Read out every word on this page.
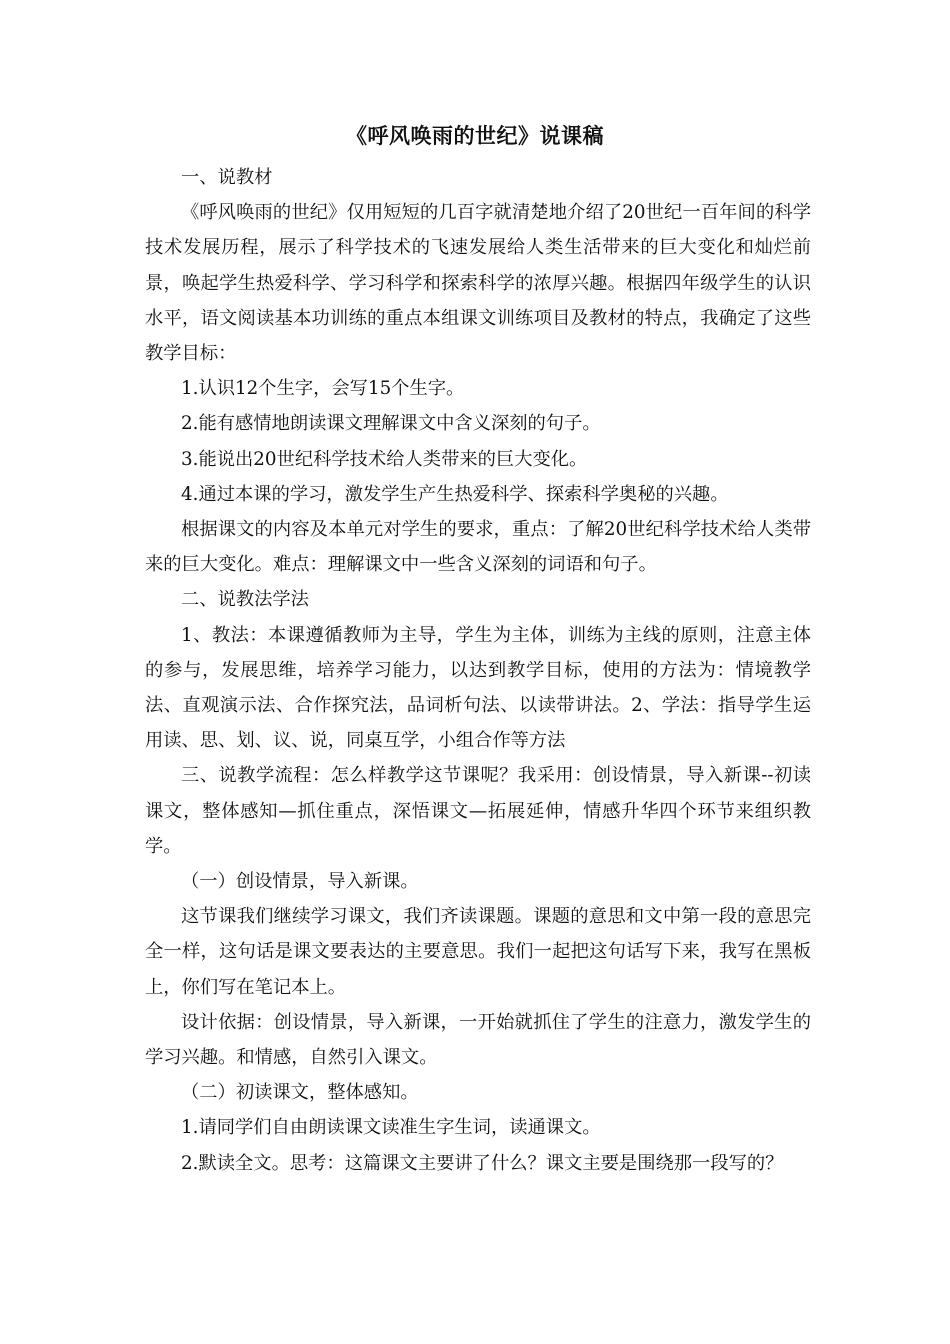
《呼风唤雨的世纪》说课稿

一、说教材

《呼风唤雨的世纪》仅用短短的几百字就清楚地介绍了20世纪一百年间的科学技术发展历程，展示了科学技术的飞速发展给人类生活带来的巨大变化和灿烂前景，唤起学生热爱科学、学习科学和探索科学的浓厚兴趣。根据四年级学生的认识水平，语文阅读基本功训练的重点本组课文训练项目及教材的特点，我确定了这些教学目标：

1.认识12个生字，会写15个生字。

2.能有感情地朗读课文理解课文中含义深刻的句子。

3.能说出20世纪科学技术给人类带来的巨大变化。

4.通过本课的学习，激发学生产生热爱科学、探索科学奥秘的兴趣。

根据课文的内容及本单元对学生的要求，重点：了解20世纪科学技术给人类带来的巨大变化。难点：理解课文中一些含义深刻的词语和句子。

二、说教法学法

1、教法：本课遵循教师为主导，学生为主体，训练为主线的原则，注意主体的参与，发展思维，培养学习能力，以达到教学目标，使用的方法为：情境教学法、直观演示法、合作探究法，品词析句法、以读带讲法。2、学法：指导学生运用读、思、划、议、说，同桌互学，小组合作等方法

三、说教学流程：怎么样教学这节课呢？我采用：创设情景，导入新课--初读课文，整体感知—抓住重点，深悟课文—拓展延伸，情感升华四个环节来组织教学。

（一）创设情景，导入新课。

这节课我们继续学习课文，我们齐读课题。课题的意思和文中第一段的意思完全一样，这句话是课文要表达的主要意思。我们一起把这句话写下来，我写在黑板上，你们写在笔记本上。

设计依据：创设情景，导入新课，一开始就抓住了学生的注意力，激发学生的学习兴趣。和情感，自然引入课文。

（二）初读课文，整体感知。

1.请同学们自由朗读课文读准生字生词，读通课文。

2.默读全文。思考：这篇课文主要讲了什么？课文主要是围绕那一段写的？
